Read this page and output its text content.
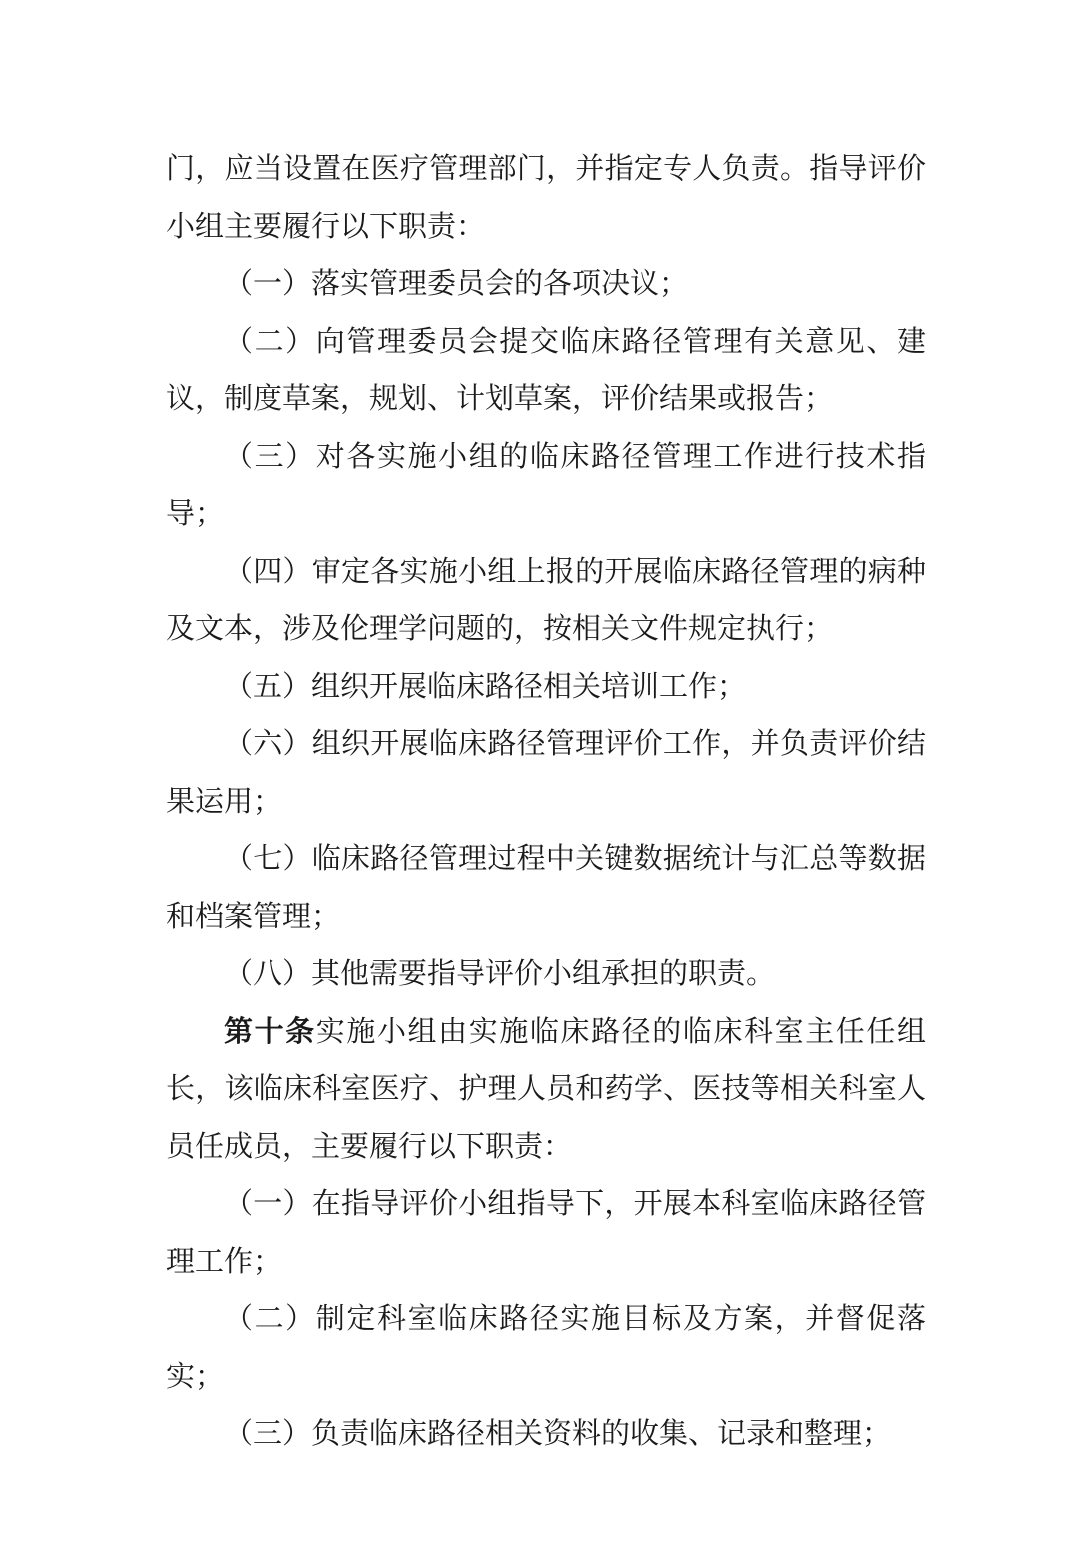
门，应当设置在医疗管理部门，并指定专人负责。指导评价小组主要履行以下职责：

（一）落实管理委员会的各项决议；

（二）向管理委员会提交临床路径管理有关意见、建议，制度草案，规划、计划草案，评价结果或报告；

（三）对各实施小组的临床路径管理工作进行技术指导；

（四）审定各实施小组上报的开展临床路径管理的病种及文本，涉及伦理学问题的，按相关文件规定执行；

（五）组织开展临床路径相关培训工作；

（六）组织开展临床路径管理评价工作，并负责评价结果运用；

（七）临床路径管理过程中关键数据统计与汇总等数据和档案管理；

（八）其他需要指导评价小组承担的职责。

第十条实施小组由实施临床路径的临床科室主任任组长，该临床科室医疗、护理人员和药学、医技等相关科室人员任成员，主要履行以下职责：

（一）在指导评价小组指导下，开展本科室临床路径管理工作；

（二）制定科室临床路径实施目标及方案，并督促落实；

（三）负责临床路径相关资料的收集、记录和整理；
